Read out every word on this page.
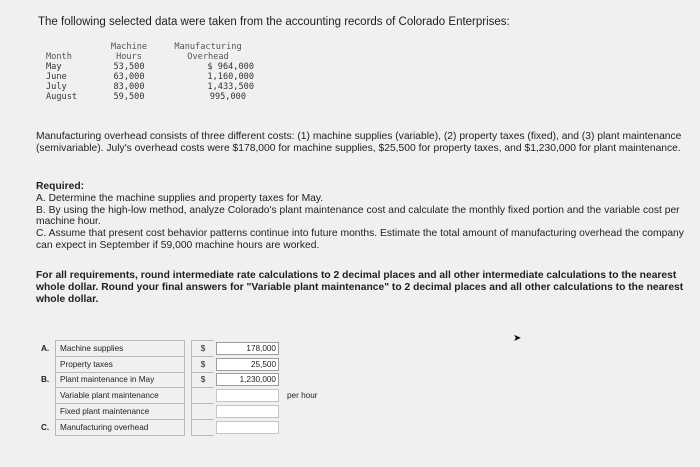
The following selected data were taken from the accounting records of Colorado Enterprises:
	Machine	Manufacturing
Month	Hours	Overhead
May	53,500	$ 964,000
June	63,000	1,160,000
July	83,000	1,433,500
August	59,500	995,000
Manufacturing overhead consists of three different costs: (1) machine supplies (variable), (2) property taxes (fixed), and (3) plant maintenance (semivariable). July's overhead costs were $178,000 for machine supplies, $25,500 for property taxes, and $1,230,000 for plant maintenance.
Required:
A. Determine the machine supplies and property taxes for May.
B. By using the high-low method, analyze Colorado's plant maintenance cost and calculate the monthly fixed portion and the variable cost per machine hour.
C. Assume that present cost behavior patterns continue into future months. Estimate the total amount of manufacturing overhead the company can expect in September if 59,000 machine hours are worked.
For all requirements, round intermediate rate calculations to 2 decimal places and all other intermediate calculations to the nearest whole dollar. Round your final answers for "Variable plant maintenance" to 2 decimal places and all other calculations to the nearest whole dollar.
➤
A.	Machine supplies		$	178,000	

	Property taxes		$	25,500	

B.	Plant maintenance in May		$	1,230,000	

	Variable plant maintenance				per hour
	Fixed plant maintenance			

C.	Manufacturing overhead			
